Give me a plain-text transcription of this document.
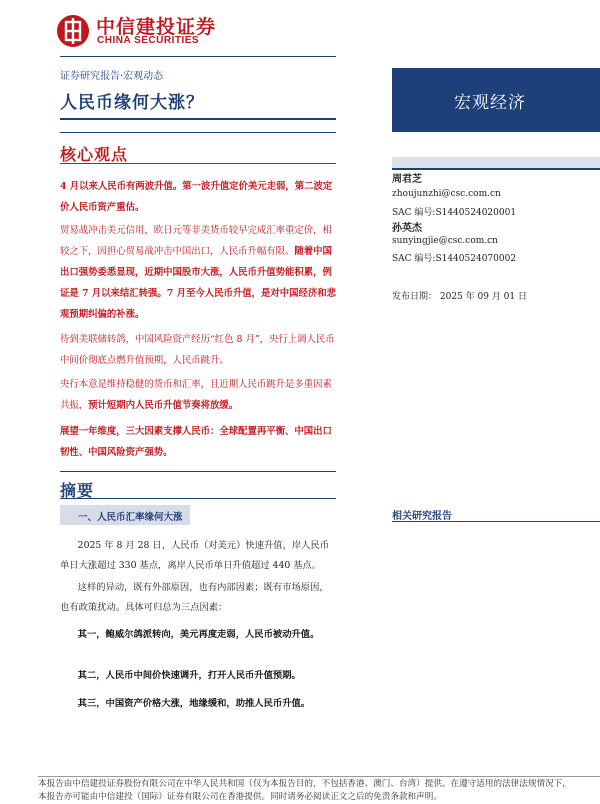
中信建投证券
CHINA SECURITIES
证券研究报告·宏观动态
人民币缘何大涨？	宏观经济
核心观点
4 月以来人民币有两波升值。第一波升值定价美元走弱，第二波定价人民币资产重估。
贸易战冲击美元信用，欧日元等非美货币较早完成汇率重定价，相较之下，因担心贸易战冲击中国出口，人民币升幅有限。随着中国出口强势委悉显现，近期中国股市大涨，人民币升值势能积累，例证是 7 月以来结汇转强。7 月至今人民币升值，是对中国经济和悲观预期纠偏的补涨。
待到美联储转鸽，中国风险资产经历“红色 8 月”，央行上调人民币中间价彻底点燃升值预期，人民币跳升。
央行本意是维持稳健的货币和汇率，且近期人民币跳升是多重因素共振，预计短期内人民币升值节奏将放缓。
展望一年维度，三大因素支撑人民币：全球配置再平衡、中国出口韧性、中国风险资产强势。
周君芝
zhoujunzhi@csc.com.cn
SAC 编号:S1440524020001
孙英杰
sunyingjie@csc.com.cn
SAC 编号:S1440524070002
发布日期： 2025 年 09 月 01 日
相关研究报告
摘要
一、人民币汇率缘何大涨
2025 年 8 月 28 日，人民币（对美元）快速升值，岸人民币单日大涨超过 330 基点，离岸人民币单日升值超过 440 基点。
这样的异动，既有外部原因，也有内部因素；既有市场原因，也有政策扰动。具体可归总为三点因素：
其一，鲍威尔鸽派转向，美元再度走弱，人民币被动升值。
其二，人民币中间价快速调升，打开人民币升值预期。
其三，中国资产价格大涨，地缘缓和，助推人民币升值。
本报告由中信建投证券股份有限公司在中华人民共和国（仅为本报告目的，不包括香港、澳门、台湾）提供。在遵守适用的法律法规情况下，
本报告亦可能由中信建投（国际）证券有限公司在香港提供。同时请务必阅读正文之后的免责条款和声明。
